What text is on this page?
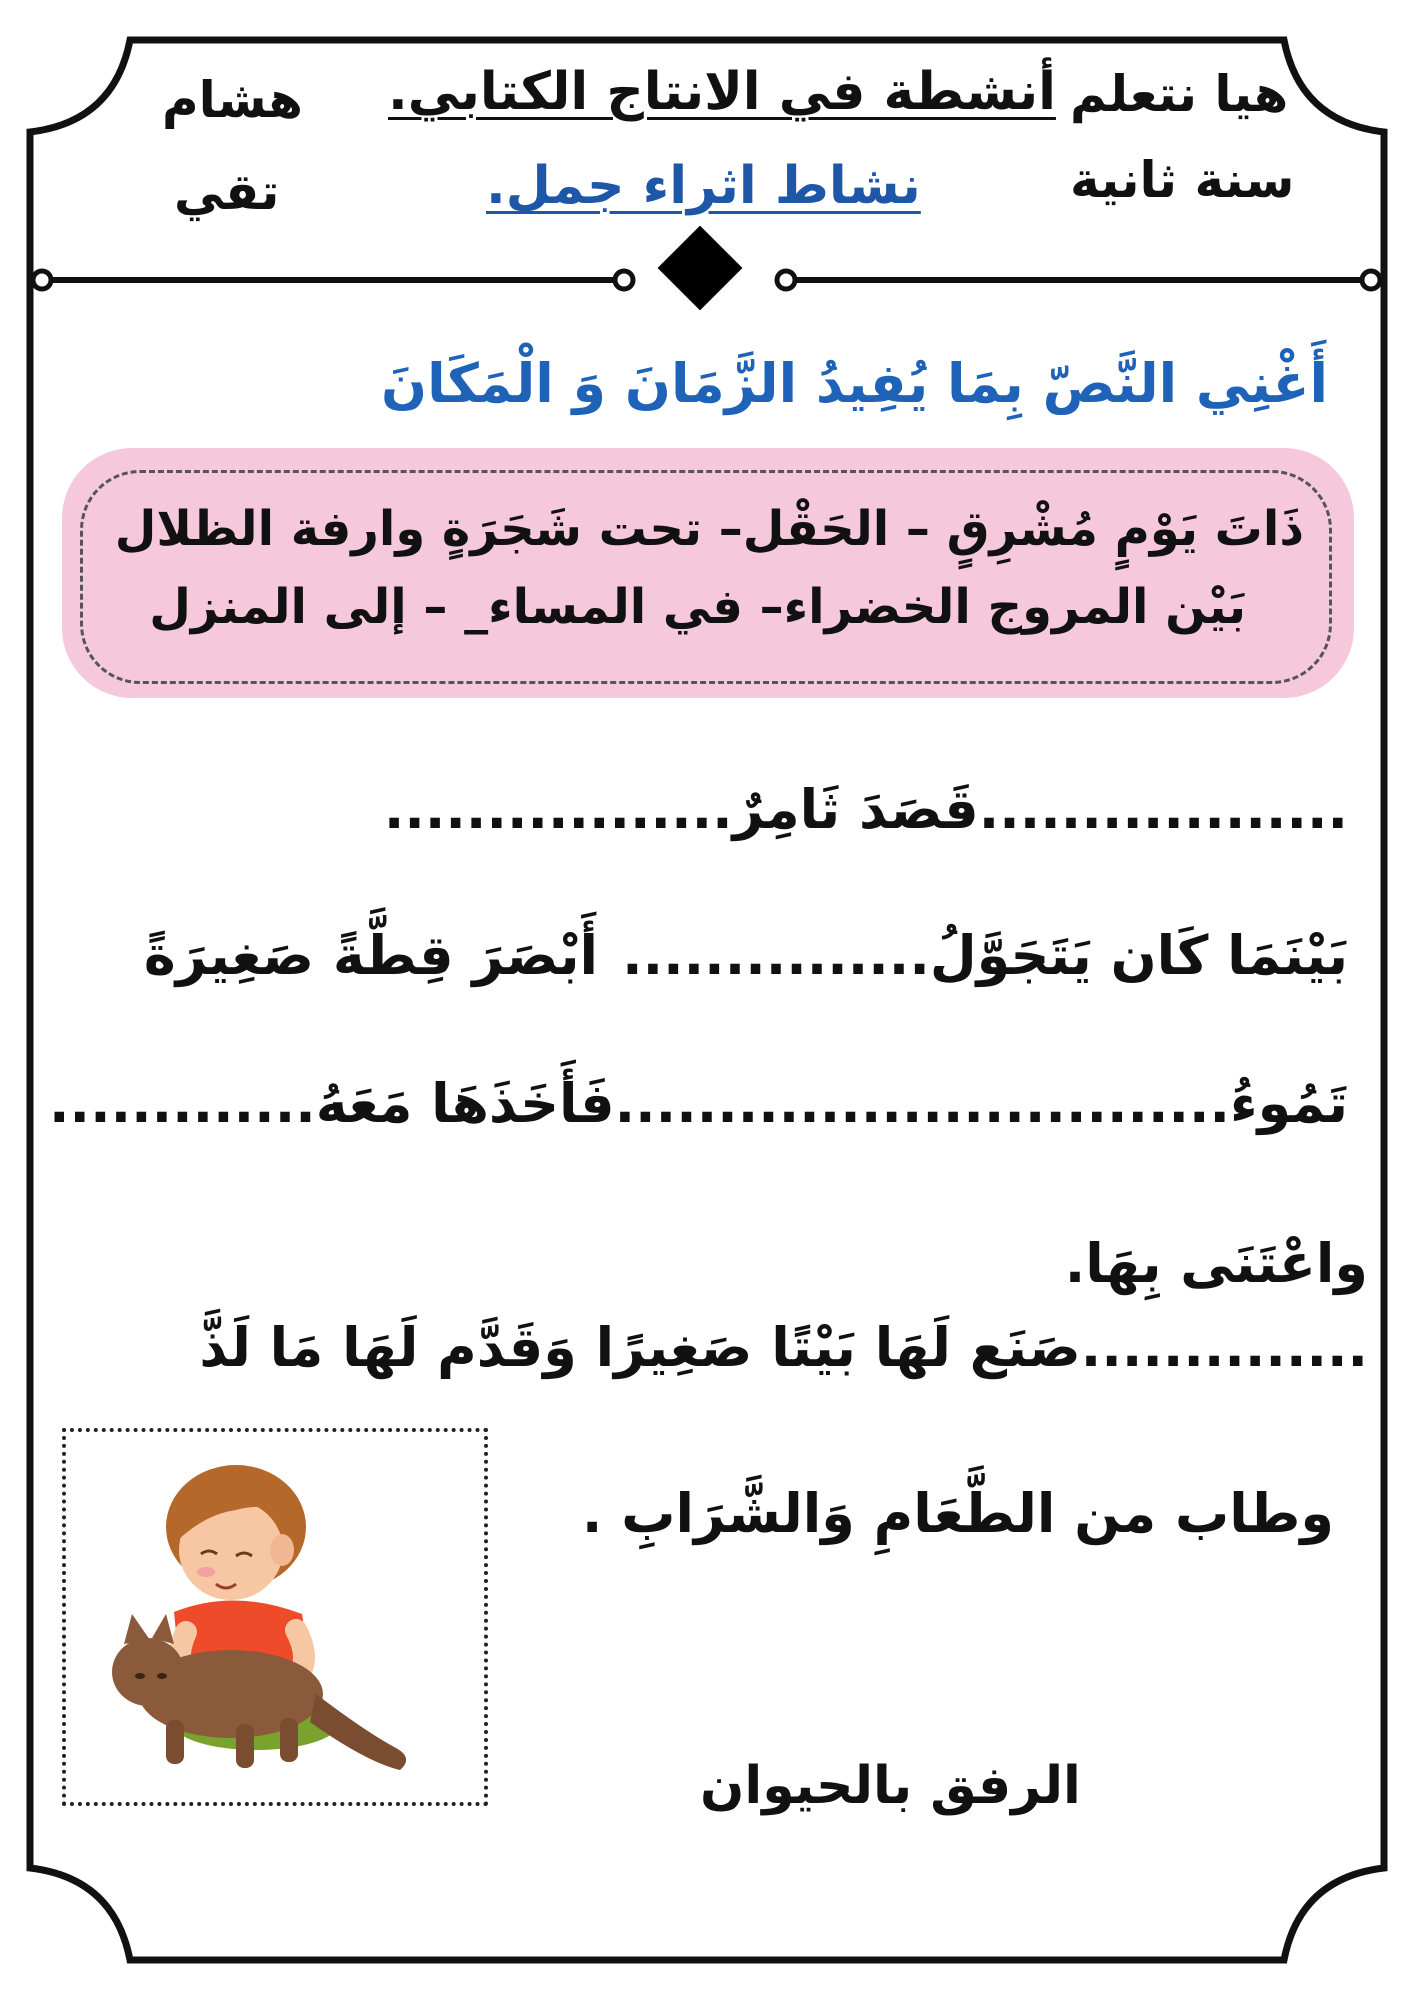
هشام
تقي
أنشطة في الانتاج الكتابي.
نشاط اثراء جمل.
هيا نتعلم
سنة ثانية
أَغْنِي النَّصّ بِمَا يُفِيدُ الزَّمَانَ وَ الْمَكَانَ
ذَاتَ يَوْمٍ مُشْرِقٍ – الحَقْل– تحت شَجَرَةٍ وارفة الظلال
بَيْن المروج الخضراء– في المساء_ – إلى المنزل
..................قَصَدَ ثَامِرٌ.................
بَيْنَمَا كَان يَتَجَوَّلُ...............
أَبْصَرَ قِطَّةً صَغِيرَةً
تَمُوءُ..............................فَأَخَذَهَا مَعَهُ.............
واعْتَنَى بِهَا.
..............صَنَع لَهَا بَيْتًا صَغِيرًا وَقَدَّم لَهَا مَا لَذَّ
وطاب من الطَّعَامِ وَالشَّرَابِ .
الرفق بالحيوان
